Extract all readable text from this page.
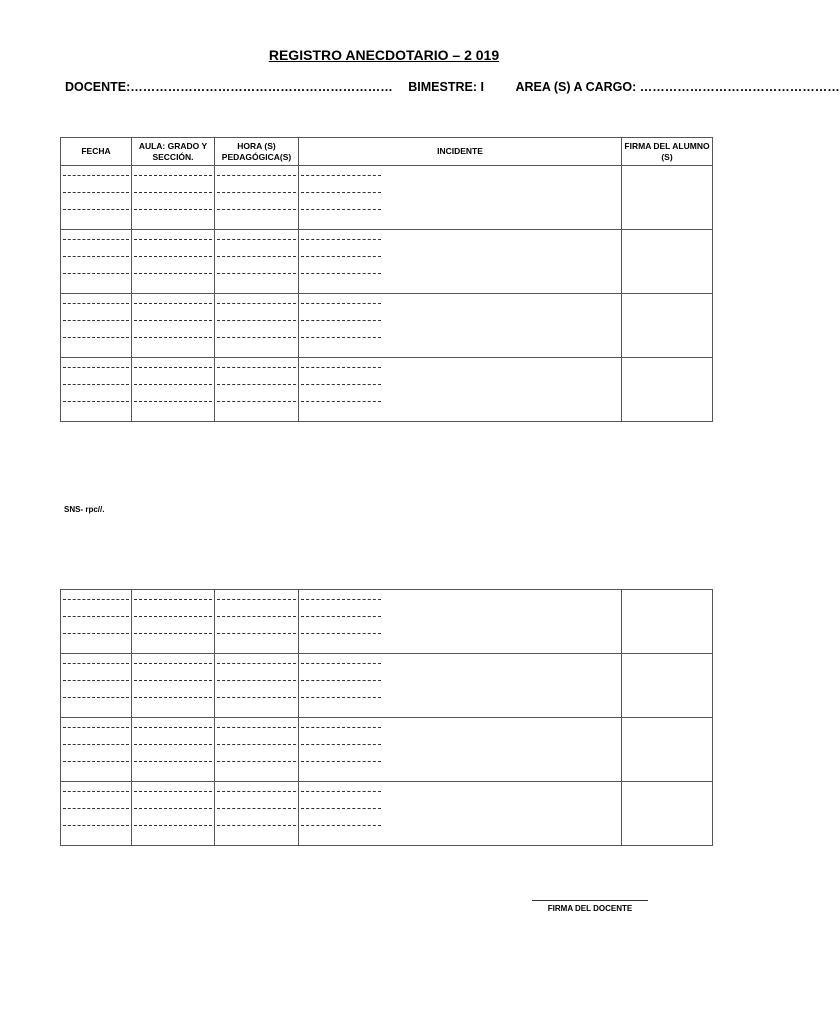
REGISTRO ANECDOTARIO – 2 019
DOCENTE:……………………………………………………… BIMESTRE: I	AREA (S) A CARGO: …………………………………………
FECHA	AULA: GRADO Y SECCIÓN.	HORA (S) PEDAGÓGICA(S)	INCIDENTE	FIRMA DEL ALUMNO (S)

SNS- rpc//.

FIRMA DEL DOCENTE
